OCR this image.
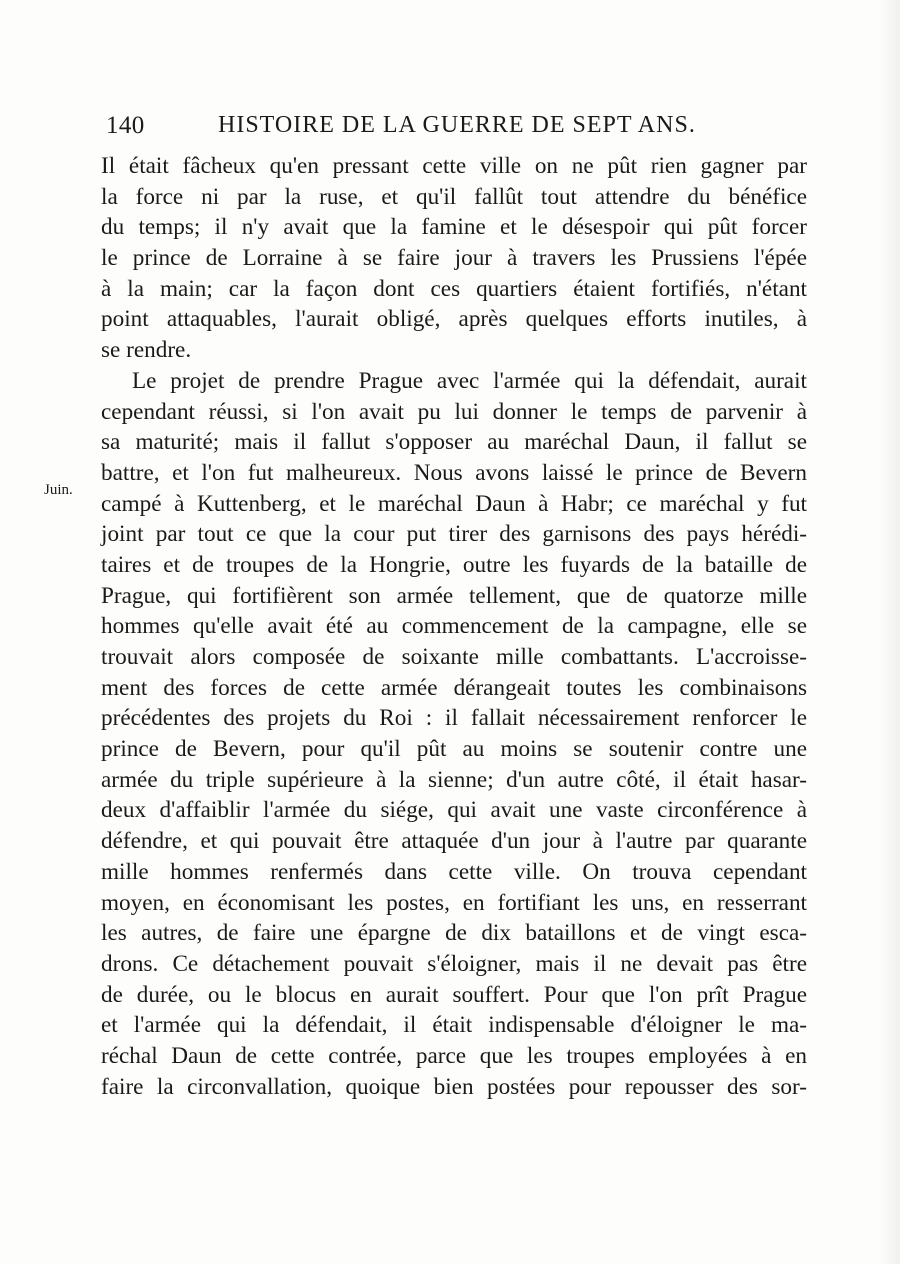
140	HISTOIRE DE LA GUERRE DE SEPT ANS.
Juin.
Il était fâcheux qu'en pressant cette ville on ne pût rien gagner par
la force ni par la ruse, et qu'il fallût tout attendre du bénéfice
du temps; il n'y avait que la famine et le désespoir qui pût forcer
le prince de Lorraine à se faire jour à travers les Prussiens l'épée
à la main; car la façon dont ces quartiers étaient fortifiés, n'étant
point attaquables, l'aurait obligé, après quelques efforts inutiles, à
se rendre.
Le projet de prendre Prague avec l'armée qui la défendait, aurait
cependant réussi, si l'on avait pu lui donner le temps de parvenir à
sa maturité; mais il fallut s'opposer au maréchal Daun, il fallut se
battre, et l'on fut malheureux. Nous avons laissé le prince de Bevern
campé à Kuttenberg, et le maréchal Daun à Habr; ce maréchal y fut
joint par tout ce que la cour put tirer des garnisons des pays hérédi-
taires et de troupes de la Hongrie, outre les fuyards de la bataille de
Prague, qui fortifièrent son armée tellement, que de quatorze mille
hommes qu'elle avait été au commencement de la campagne, elle se
trouvait alors composée de soixante mille combattants. L'accroisse-
ment des forces de cette armée dérangeait toutes les combinaisons
précédentes des projets du Roi : il fallait nécessairement renforcer le
prince de Bevern, pour qu'il pût au moins se soutenir contre une
armée du triple supérieure à la sienne; d'un autre côté, il était hasar-
deux d'affaiblir l'armée du siége, qui avait une vaste circonférence à
défendre, et qui pouvait être attaquée d'un jour à l'autre par quarante
mille hommes renfermés dans cette ville. On trouva cependant
moyen, en économisant les postes, en fortifiant les uns, en resserrant
les autres, de faire une épargne de dix bataillons et de vingt esca-
drons. Ce détachement pouvait s'éloigner, mais il ne devait pas être
de durée, ou le blocus en aurait souffert. Pour que l'on prît Prague
et l'armée qui la défendait, il était indispensable d'éloigner le ma-
réchal Daun de cette contrée, parce que les troupes employées à en
faire la circonvallation, quoique bien postées pour repousser des sor-
